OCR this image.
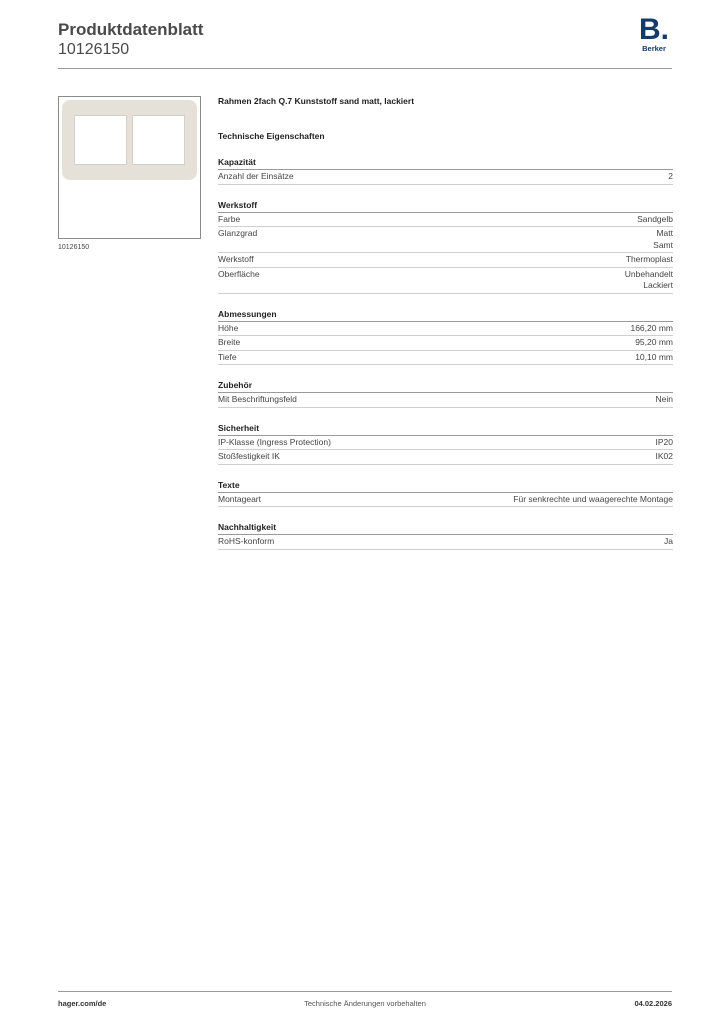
Produktdatenblatt
10126150
B.
Berker
10126150
Rahmen 2fach Q.7 Kunststoff sand matt, lackiert
Technische Eigenschaften
Kapazität
Anzahl der Einsätze	2
Werkstoff
Farbe	Sandgelb
Glanzgrad	Matt
Samt
Werkstoff	Thermoplast
Oberfläche	Unbehandelt
Lackiert
Abmessungen
Höhe	166,20 mm
Breite	95,20 mm
Tiefe	10,10 mm
Zubehör
Mit Beschriftungsfeld	Nein
Sicherheit
IP-Klasse (Ingress Protection)	IP20
Stoßfestigkeit IK	IK02
Texte
Montageart	Für senkrechte und waagerechte Montage
Nachhaltigkeit
RoHS-konform	Ja
hager.com/de	Technische Änderungen vorbehalten	04.02.2026
